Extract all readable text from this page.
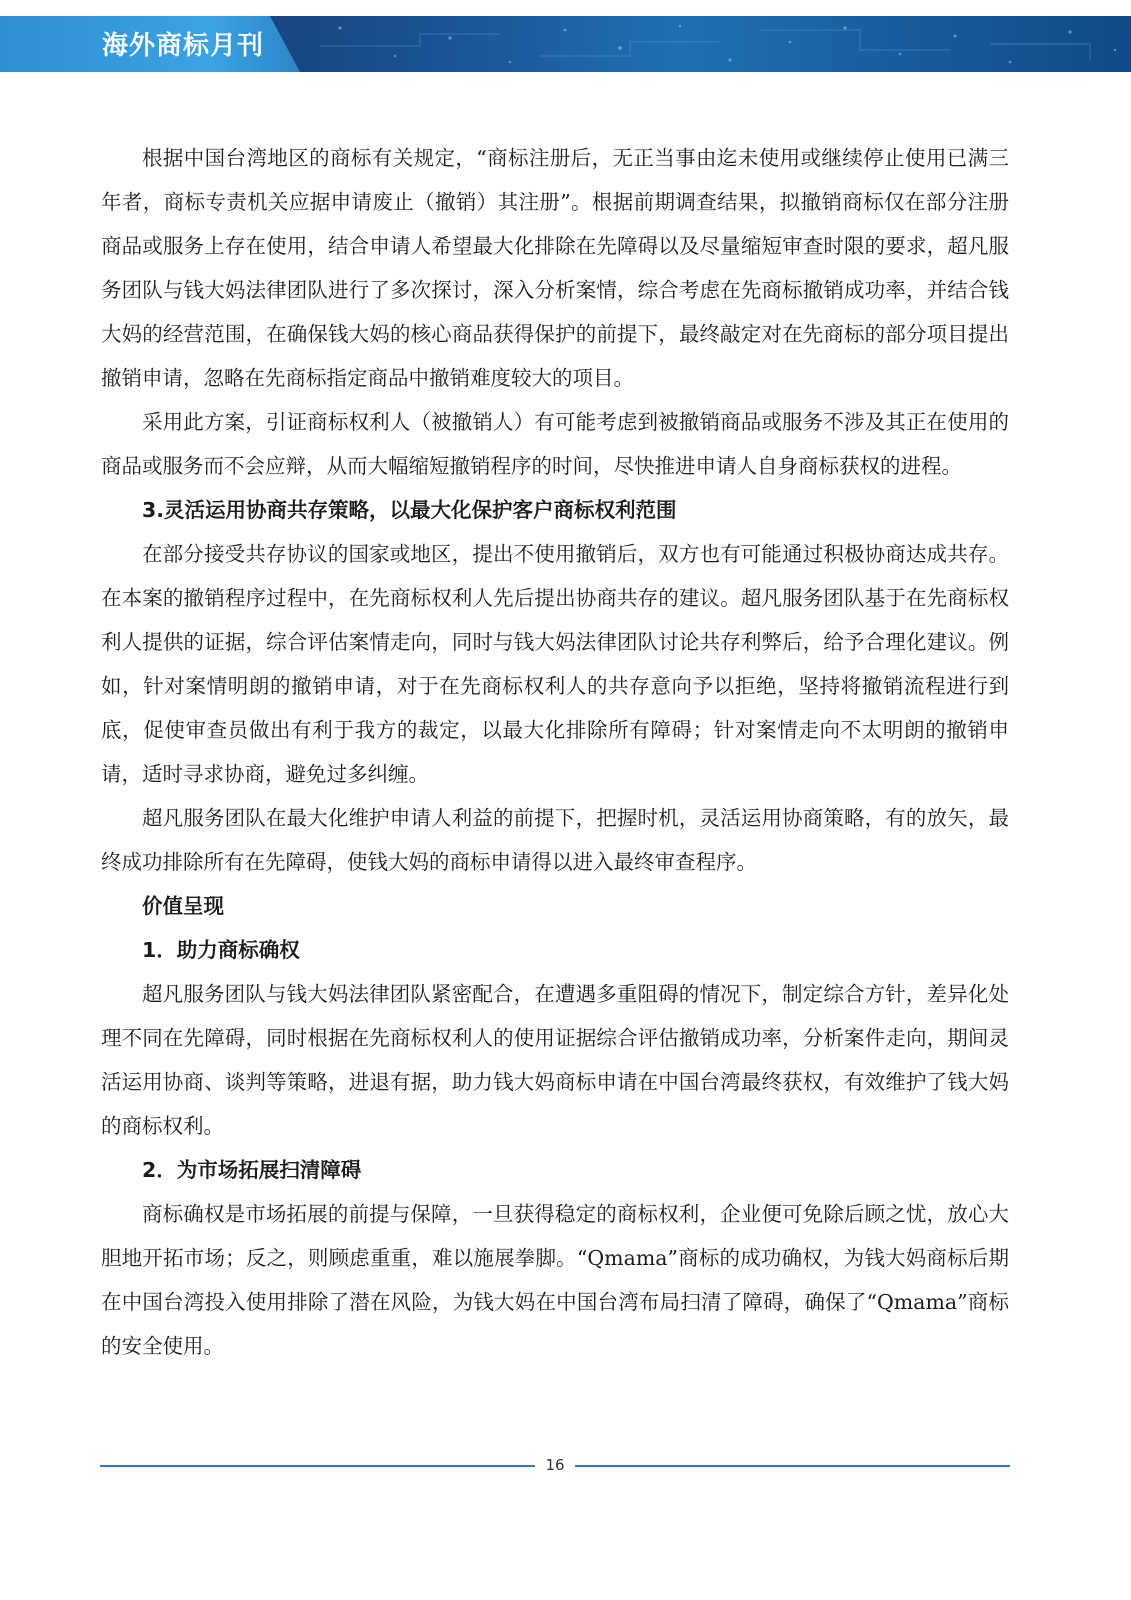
海外商标月刊

根据中国台湾地区的商标有关规定，“商标注册后，无正当事由迄未使用或继续停止使用已满三年者，商标专责机关应据申请废止（撤销）其注册”。根据前期调查结果，拟撤销商标仅在部分注册商品或服务上存在使用，结合申请人希望最大化排除在先障碍以及尽量缩短审查时限的要求，超凡服务团队与钱大妈法律团队进行了多次探讨，深入分析案情，综合考虑在先商标撤销成功率，并结合钱大妈的经营范围，在确保钱大妈的核心商品获得保护的前提下，最终敲定对在先商标的部分项目提出撤销申请，忽略在先商标指定商品中撤销难度较大的项目。

采用此方案，引证商标权利人（被撤销人）有可能考虑到被撤销商品或服务不涉及其正在使用的商品或服务而不会应辩，从而大幅缩短撤销程序的时间，尽快推进申请人自身商标获权的进程。

3.灵活运用协商共存策略，以最大化保护客户商标权利范围

在部分接受共存协议的国家或地区，提出不使用撤销后，双方也有可能通过积极协商达成共存。在本案的撤销程序过程中，在先商标权利人先后提出协商共存的建议。超凡服务团队基于在先商标权利人提供的证据，综合评估案情走向，同时与钱大妈法律团队讨论共存利弊后，给予合理化建议。例如，针对案情明朗的撤销申请，对于在先商标权利人的共存意向予以拒绝，坚持将撤销流程进行到底，促使审查员做出有利于我方的裁定，以最大化排除所有障碍；针对案情走向不太明朗的撤销申请，适时寻求协商，避免过多纠缠。

超凡服务团队在最大化维护申请人利益的前提下，把握时机，灵活运用协商策略，有的放矢，最终成功排除所有在先障碍，使钱大妈的商标申请得以进入最终审查程序。

价值呈现

1．助力商标确权

超凡服务团队与钱大妈法律团队紧密配合，在遭遇多重阻碍的情况下，制定综合方针，差异化处理不同在先障碍，同时根据在先商标权利人的使用证据综合评估撤销成功率，分析案件走向，期间灵活运用协商、谈判等策略，进退有据，助力钱大妈商标申请在中国台湾最终获权，有效维护了钱大妈的商标权利。

2．为市场拓展扫清障碍

商标确权是市场拓展的前提与保障，一旦获得稳定的商标权利，企业便可免除后顾之忧，放心大胆地开拓市场；反之，则顾虑重重，难以施展拳脚。“Qmama”商标的成功确权，为钱大妈商标后期在中国台湾投入使用排除了潜在风险，为钱大妈在中国台湾布局扫清了障碍，确保了“Qmama”商标的安全使用。

16
